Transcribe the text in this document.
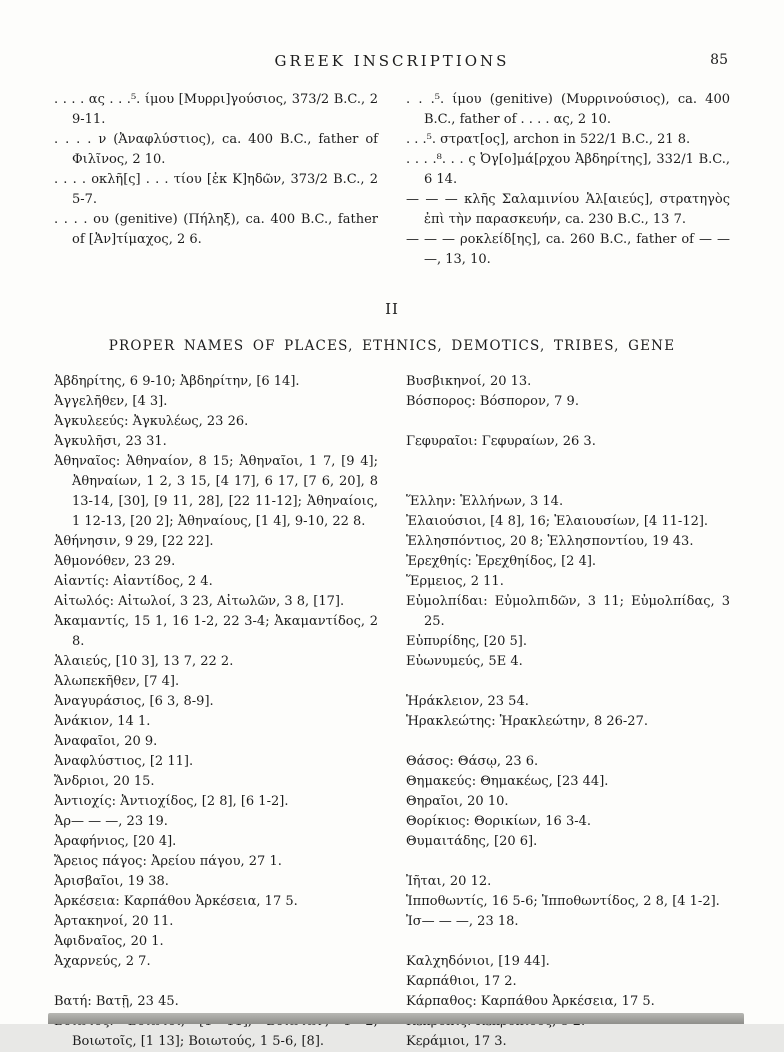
GREEK INSCRIPTIONS	85

. . . . ας . . .⁵. ίμου [Μυρρι]γούσιος, 373/2 B.C., 2 9-11.

. . . . ν (Ἀναφλύστιος), ca. 400 B.C., father of Φιλῖνος, 2 10.

. . . . οκλῆ[ς] . . . τίου [ἐκ Κ]ηδῶν, 373/2 B.C., 2 5-7.

. . . . ου (genitive) (Πήληξ), ca. 400 B.C., father of [Ἀν]τίμαχος, 2 6.

. . .⁵. ίμου (genitive) (Μυρρινούσιος), ca. 400 B.C., father of . . . . ας, 2 10.

. . .⁵. στρατ[ος], archon in 522/1 B.C., 21 8.

. . . .⁸. . . ς Ὀγ[ο]μά[ρχου Ἀβδηρίτης], 332/1 B.C., 6 14.

— — — κλῆς Σαλαμινίου Ἁλ[αιεύς], στρατηγὸς ἐπὶ τὴν παρασκευήν, ca. 230 B.C., 13 7.

— — — ροκλείδ[ης], ca. 260 B.C., father of — — —, 13, 10.

II
PROPER NAMES OF PLACES, ETHNICS, DEMOTICS, TRIBES, GENE

Ἀβδηρίτης, 6 9-10; Ἀβδηρίτην, [6 14].

Ἀγγελῆθεν, [4 3].

Ἀγκυλεεύς: Ἀγκυλέως, 23 26.

Ἀγκυλῆσι, 23 31.

Ἀθηναῖος: Ἀθηναίον, 8 15; Ἀθηναῖοι, 1 7, [9 4]; Ἀθηναίων, 1 2, 3 15, [4 17], 6 17, [7 6, 20], 8 13-14, [30], [9 11, 28], [22 11-12]; Ἀθηναίοις, 1 12-13, [20 2]; Ἀθηναίους, [1 4], 9-10, 22 8.

Ἀθήνησιν, 9 29, [22 22].

Ἀθμονόθεν, 23 29.

Αἰαντίς: Αἰαντίδος, 2 4.

Αἰτωλός: Αἰτωλοί, 3 23, Αἰτωλῶν, 3 8, [17].

Ἀκαμαντίς, 15 1, 16 1-2, 22 3-4; Ἀκαμαντίδος, 2 8.

Ἁλαιεύς, [10 3], 13 7, 22 2.

Ἀλωπεκῆθεν, [7 4].

Ἀναγυράσιος, [6 3, 8-9].

Ἀνάκιον, 14 1.

Ἀναφαῖοι, 20 9.

Ἀναφλύστιος, [2 11].

Ἄνδριοι, 20 15.

Ἀντιοχίς: Ἀντιοχίδος, [2 8], [6 1-2].

Ἀρ— — —, 23 19.

Ἀραφήνιος, [20 4].

Ἄρειος πάγος: Ἀρείου πάγου, 27 1.

Ἀρισβαῖοι, 19 38.

Ἀρκέσεια: Καρπάθου Ἀρκέσεια, 17 5.

Ἀρτακηνοί, 20 11.

Ἀφιδναῖος, 20 1.

Ἀχαρνεύς, 2 7.

Βατή: Βατῇ, 23 45.

Βοιωτοῖς, [1 13]; Βοιωτούς, 1 5-6, [8].

Βυσβικηνοί, 20 13.

Βόσπορος: Βόσπορον, 7 9.

Γεφυραῖοι: Γεφυραίων, 26 3.

Ἕλλην: Ἑλλήνων, 3 14.

Ἐλαιούσιοι, [4 8], 16; Ἐλαιουσίων, [4 11-12].

Ἑλλησπόντιος, 20 8; Ἑλλησποντίου, 19 43.

Ἐρεχθηίς: Ἐρεχθηίδος, [2 4].

Ἕρμειος, 2 11.

Εὐμολπίδαι: Εὐμολπιδῶν, 3 11; Εὐμολπίδας, 3 25.

Εὐπυρίδης, [20 5].

Εὐωνυμεύς, 5Ε 4.

Ἡράκλειον, 23 54.

Ἡρακλεώτης: Ἡρακλεώτην, 8 26-27.

Θάσος: Θάσῳ, 23 6.

Θημακεύς: Θημακέως, [23 44].

Θηραῖοι, 20 10.

Θορίκιος: Θορικίων, 16 3-4.

Θυμαιτάδης, [20 6].

Ἰῆται, 20 12.

Ἱπποθωντίς, 16 5-6; Ἱπποθωντίδος, 2 8, [4 1-2].

Ἰσ— — —, 23 18.

Καλχηδόνιοι, [19 44].

Καρπάθιοι, 17 2.

Κάρπαθος: Καρπάθου Ἀρκέσεια, 17 5.

Κεράμιοι, 17 3.
